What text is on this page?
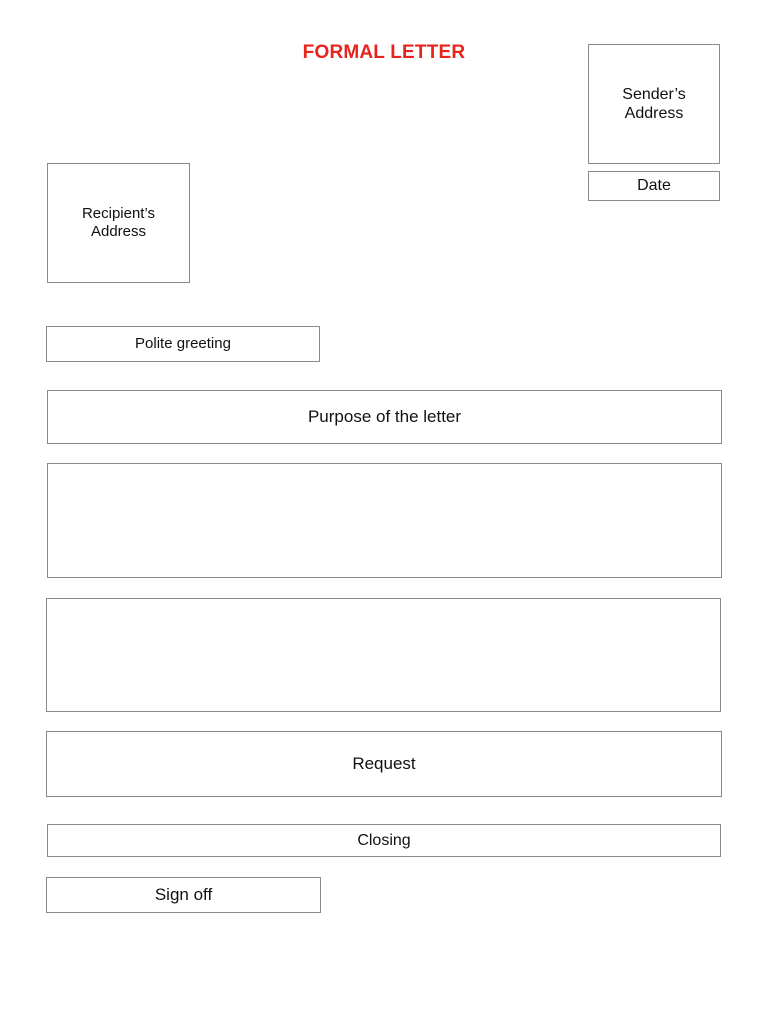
FORMAL LETTER
Sender’s
Address
Date
Recipient’s
Address
Polite greeting
Purpose of the letter
Request
Closing
Sign off
